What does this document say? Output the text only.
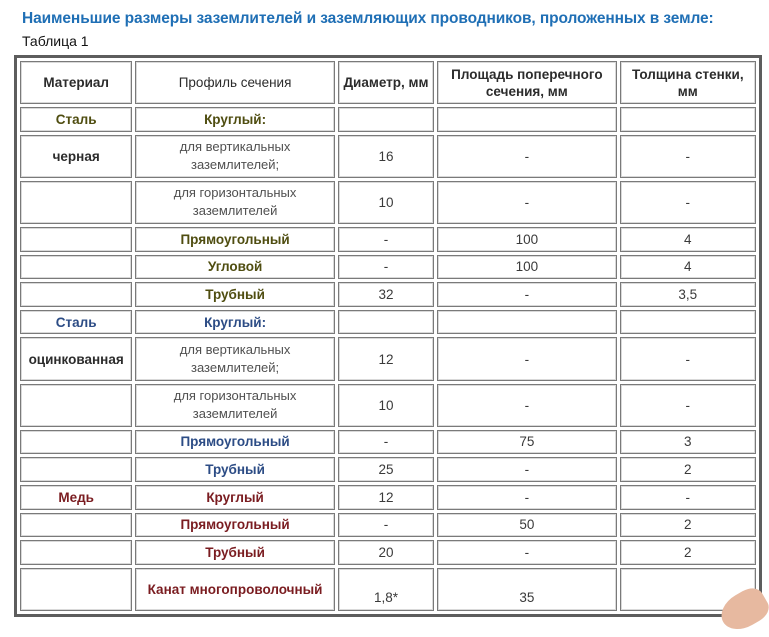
Наименьшие размеры заземлителей и заземляющих проводников, проложенных в земле:
Таблица 1
Материал	Профиль сечения	Диаметр, мм	Площадь поперечного сечения, мм	Толщина стенки, мм
Сталь	Круглый:			
черная	для вертикальных заземлителей;	16	-	-
	для горизонтальных заземлителей	10	-	-
	Прямоугольный	-	100	4
	Угловой	-	100	4
	Трубный	32	-	3,5
Сталь	Круглый:			
оцинкованная	для вертикальных заземлителей;	12	-	-
	для горизонтальных заземлителей	10	-	-
	Прямоугольный	-	75	3
	Трубный	25	-	2
Медь	Круглый	12	-	-
	Прямоугольный	-	50	2
	Трубный	20	-	2
	Канат многопроволочный	1,8*	35	
